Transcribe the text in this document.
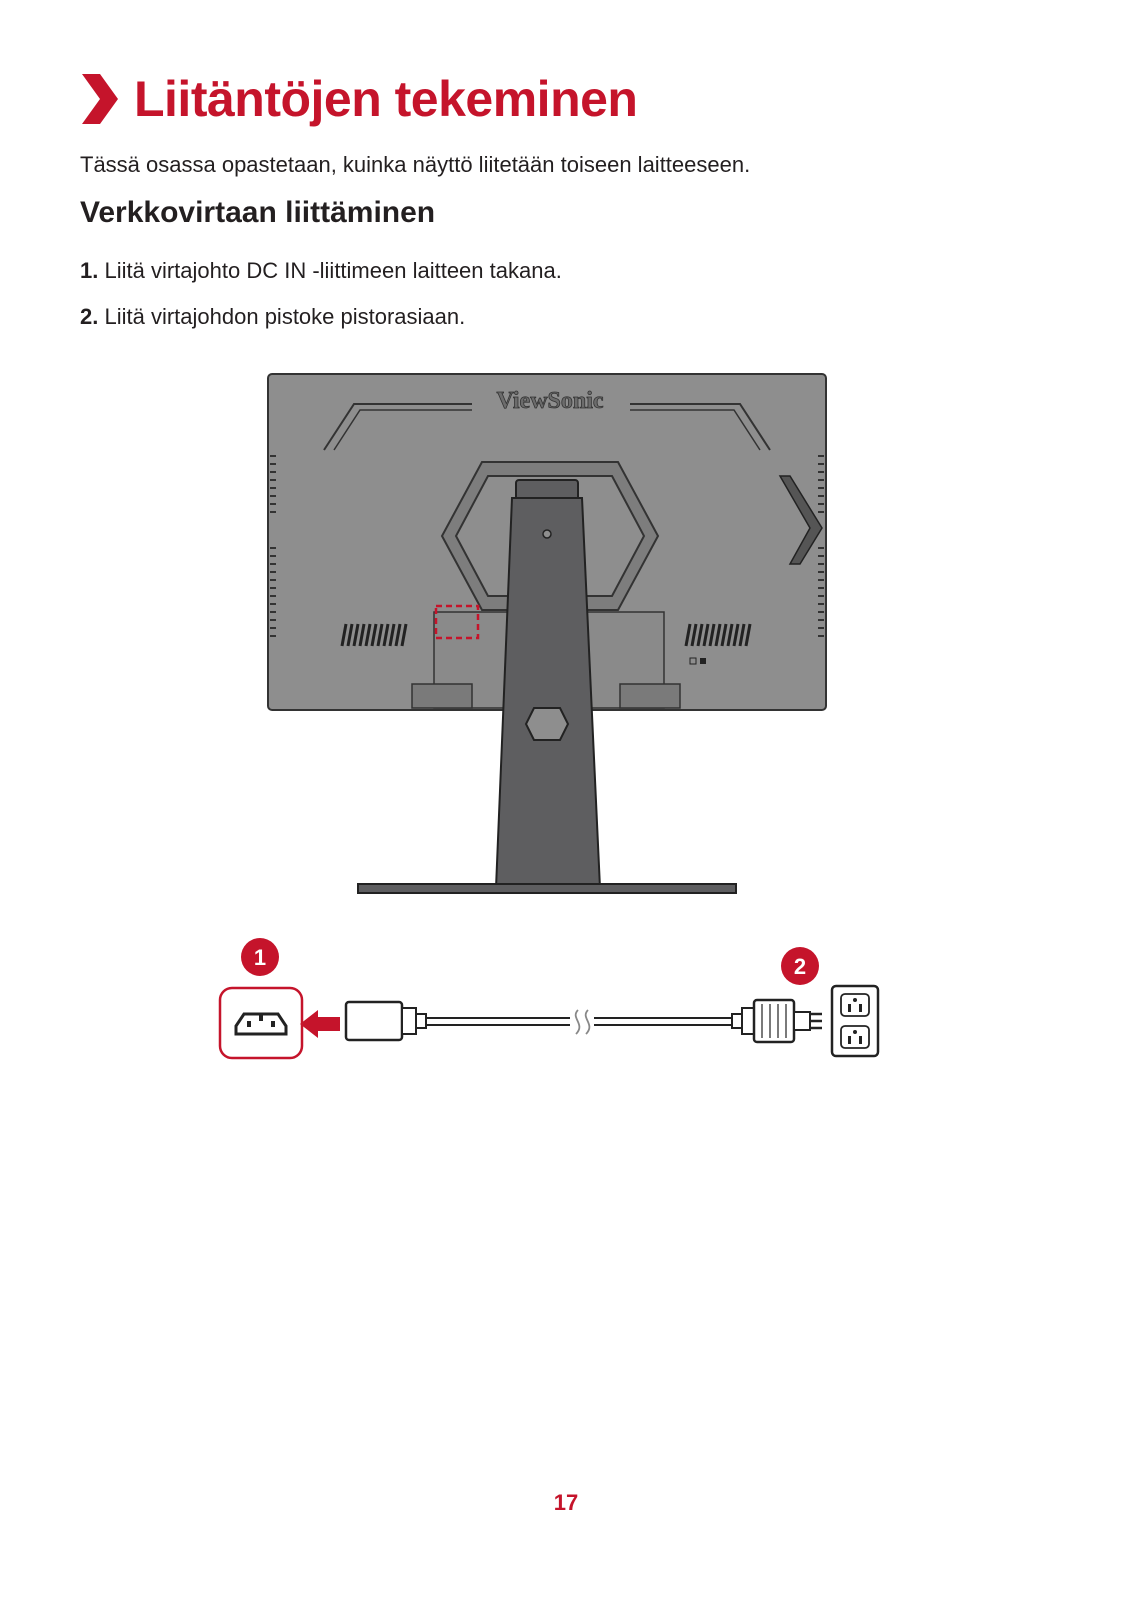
Liitäntöjen tekeminen

Tässä osassa opastetaan, kuinka näyttö liitetään toiseen laitteeseen.

Verkkovirtaan liittäminen

1. Liitä virtajohto DC IN -liittimeen laitteen takana.

2. Liitä virtajohdon pistoke pistorasiaan.

ViewSonic
1	2
17
